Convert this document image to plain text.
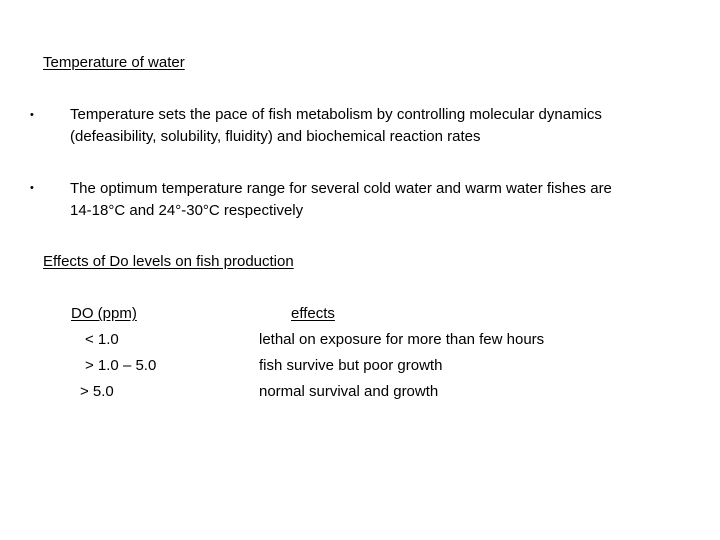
Temperature of water
• Temperature sets the pace of fish metabolism by controlling molecular dynamics
(defeasibility, solubility, fluidity) and biochemical reaction rates
• The optimum temperature range for several cold water and warm water fishes are
14-18°C and 24°-30°C respectively
Effects of Do levels on fish production
DO (ppm)	effects
< 1.0	lethal on exposure for more than few hours
> 1.0 – 5.0	fish survive but poor growth
> 5.0	normal survival and growth
